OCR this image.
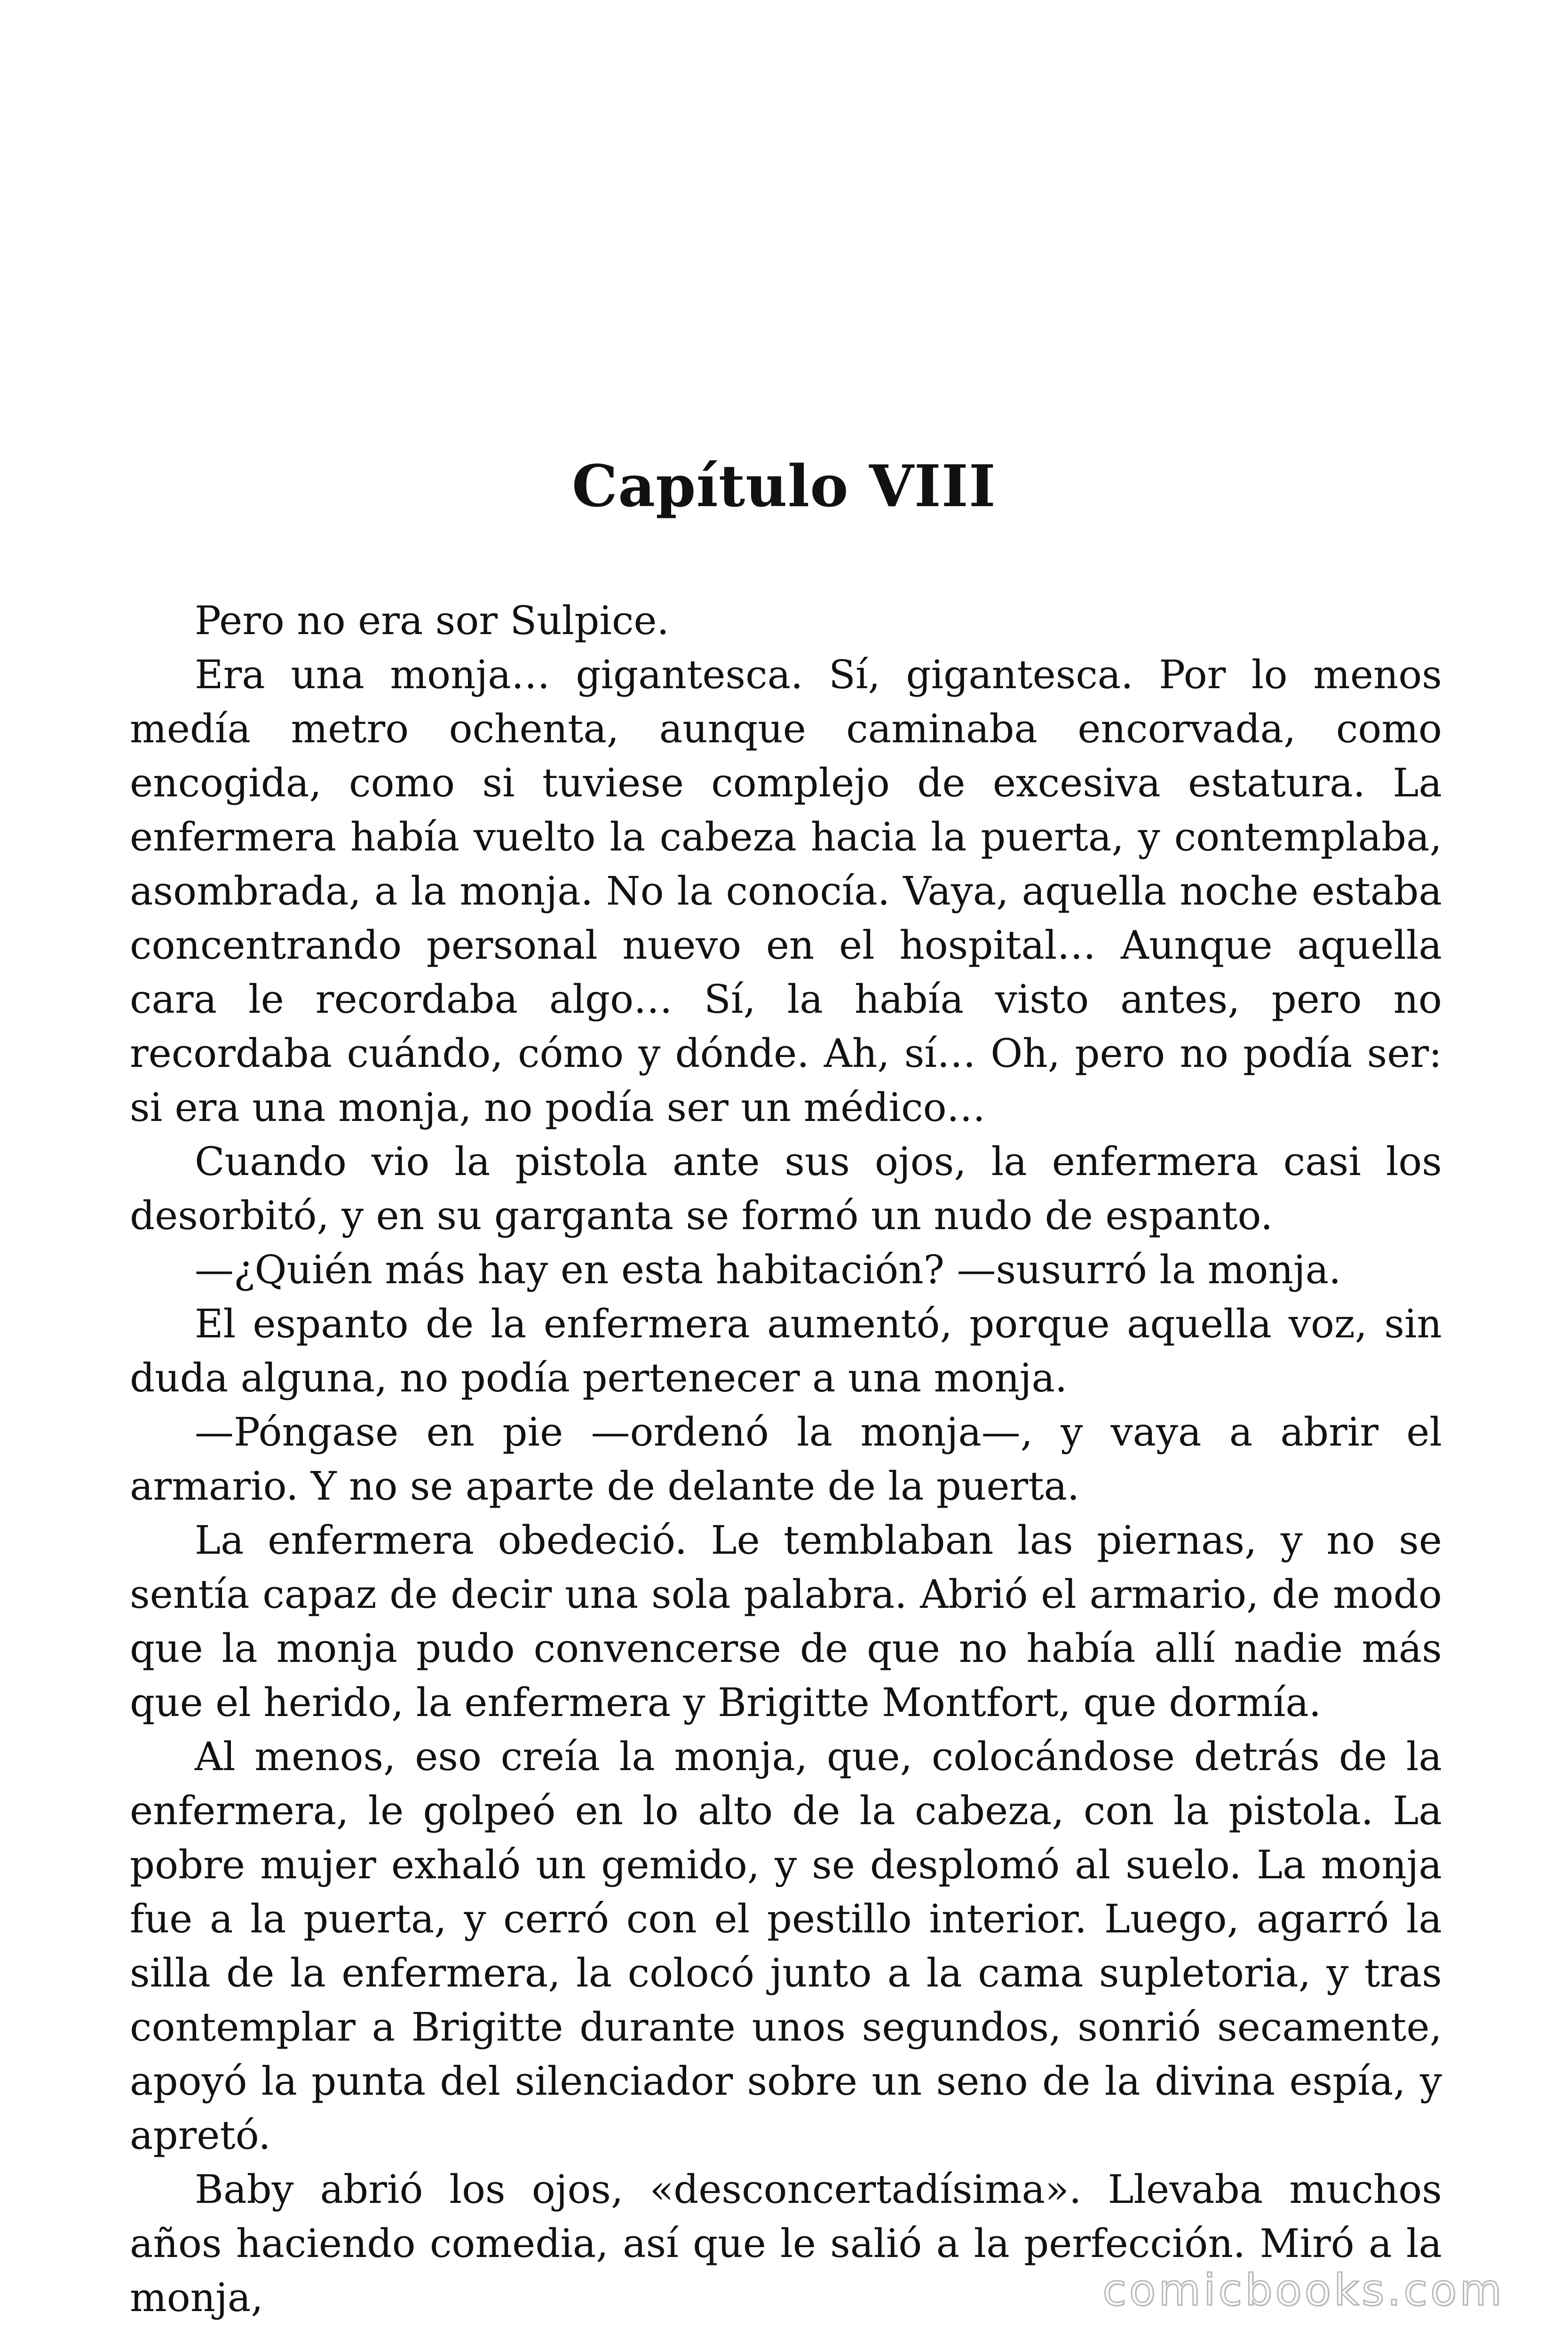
Capítulo VIII

Pero no era sor Sulpice.

Era una monja… gigantesca. Sí, gigantesca. Por lo menos medía metro ochenta, aunque caminaba encorvada, como encogida, como si tuviese complejo de excesiva estatura. La enfermera había vuelto la cabeza hacia la puerta, y contemplaba, asombrada, a la monja. No la conocía. Vaya, aquella noche estaba concentrando personal nuevo en el hospital… Aunque aquella cara le recordaba algo… Sí, la había visto antes, pero no recordaba cuándo, cómo y dónde. Ah, sí… Oh, pero no podía ser: si era una monja, no podía ser un médico…

Cuando vio la pistola ante sus ojos, la enfermera casi los desorbitó, y en su garganta se formó un nudo de espanto.

—¿Quién más hay en esta habitación? —susurró la monja.

El espanto de la enfermera aumentó, porque aquella voz, sin duda alguna, no podía pertenecer a una monja.

—Póngase en pie —ordenó la monja—, y vaya a abrir el armario. Y no se aparte de delante de la puerta.

La enfermera obedeció. Le temblaban las piernas, y no se sentía capaz de decir una sola palabra. Abrió el armario, de modo que la monja pudo convencerse de que no había allí nadie más que el herido, la enfermera y Brigitte Montfort, que dormía.

Al menos, eso creía la monja, que, colocándose detrás de la enfermera, le golpeó en lo alto de la cabeza, con la pistola. La pobre mujer exhaló un gemido, y se desplomó al suelo. La monja fue a la puerta, y cerró con el pestillo interior. Luego, agarró la silla de la enfermera, la colocó junto a la cama supletoria, y tras contemplar a Brigitte durante unos segundos, sonrió secamente, apoyó la punta del silenciador sobre un seno de la divina espía, y apretó.

Baby abrió los ojos, «desconcertadísima». Llevaba muchos años haciendo comedia, así que le salió a la perfección. Miró a la monja,	comicbooks.com
